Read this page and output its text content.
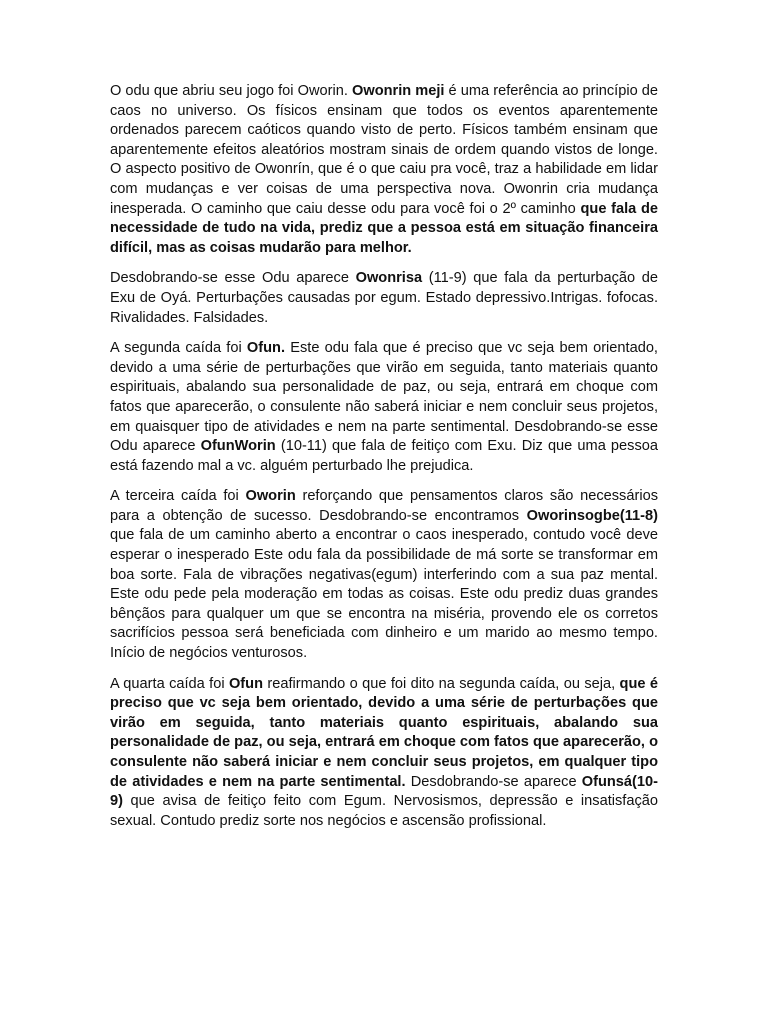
O odu que abriu seu jogo foi Oworin. Owonrin meji é uma referência ao princípio de caos no universo. Os físicos ensinam que todos os eventos aparentemente ordenados parecem caóticos quando visto de perto. Físicos também ensinam que aparentemente efeitos aleatórios mostram sinais de ordem quando vistos de longe. O aspecto positivo de Owonrín, que é o que caiu pra você, traz a habilidade em lidar com mudanças e ver coisas de uma perspectiva nova. Owonrin cria mudança inesperada. O caminho que caiu desse odu para você foi o 2º caminho que fala de necessidade de tudo na vida, prediz que a pessoa está em situação financeira difícil, mas as coisas mudarão para melhor.

Desdobrando-se esse Odu aparece Owonrisa (11-9) que fala da perturbação de Exu de Oyá. Perturbações causadas por egum. Estado depressivo.Intrigas. fofocas. Rivalidades. Falsidades.

A segunda caída foi Ofun. Este odu fala que é preciso que vc seja bem orientado, devido a uma série de perturbações que virão em seguida, tanto materiais quanto espirituais, abalando sua personalidade de paz, ou seja, entrará em choque com fatos que aparecerão, o consulente não saberá iniciar e nem concluir seus projetos, em quaisquer tipo de atividades e nem na parte sentimental. Desdobrando-se esse Odu aparece OfunWorin (10-11) que fala de feitiço com Exu. Diz que uma pessoa está fazendo mal a vc. alguém perturbado lhe prejudica.

A terceira caída foi Oworin reforçando que pensamentos claros são necessários para a obtenção de sucesso. Desdobrando-se encontramos Oworinsogbe(11-8) que fala de um caminho aberto a encontrar o caos inesperado, contudo você deve esperar o inesperado Este odu fala da possibilidade de má sorte se transformar em boa sorte. Fala de vibrações negativas(egum) interferindo com a sua paz mental. Este odu pede pela moderação em todas as coisas. Este odu prediz duas grandes bênçãos para qualquer um que se encontra na miséria, provendo ele os corretos sacrifícios pessoa será beneficiada com dinheiro e um marido ao mesmo tempo. Início de negócios venturosos.

A quarta caída foi Ofun reafirmando o que foi dito na segunda caída, ou seja, que é preciso que vc seja bem orientado, devido a uma série de perturbações que virão em seguida, tanto materiais quanto espirituais, abalando sua personalidade de paz, ou seja, entrará em choque com fatos que aparecerão, o consulente não saberá iniciar e nem concluir seus projetos, em qualquer tipo de atividades e nem na parte sentimental. Desdobrando-se aparece Ofunsá(10-9) que avisa de feitiço feito com Egum. Nervosismos, depressão e insatisfação sexual. Contudo prediz sorte nos negócios e ascensão profissional.
